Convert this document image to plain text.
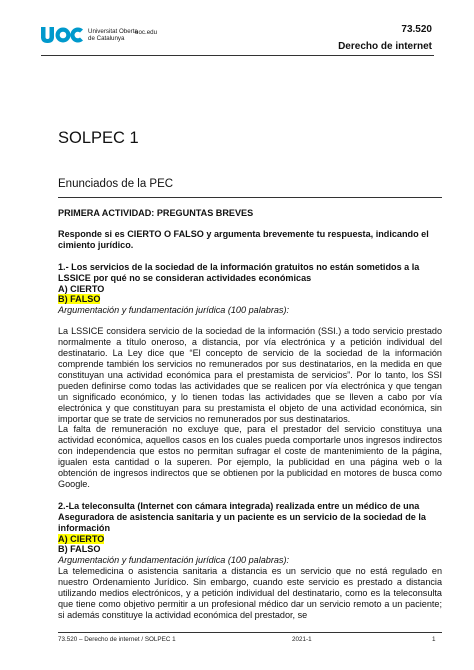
Universitat Oberta
de Catalunya
uoc.edu	73.520
Derecho de internet
SOLPEC 1
Enunciados de la PEC

PRIMERA ACTIVIDAD: PREGUNTAS BREVES

Responde si es CIERTO O FALSO y argumenta brevemente tu respuesta, indicando el cimiento jurídico.

1.- Los servicios de la sociedad de la información gratuitos no están sometidos a la LSSICE por qué no se consideran actividades económicas

A) CIERTO

B) FALSO

Argumentación y fundamentación jurídica (100 palabras):

La LSSICE considera servicio de la sociedad de la información (SSI.) a todo servicio prestado normalmente a título oneroso, a distancia, por vía electrónica y a petición individual del destinatario. La Ley dice que “El concepto de servicio de la sociedad de la información comprende también los servicios no remunerados por sus destinatarios, en la medida en que constituyan una actividad económica para el prestamista de servicios”. Por lo tanto, los SSI pueden definirse como todas las actividades que se realicen por vía electrónica y que tengan un significado económico, y lo tienen todas las actividades que se lleven a cabo por vía electrónica y que constituyan para su prestamista el objeto de una actividad económica, sin importar que se trate de servicios no remunerados por sus destinatarios.

La falta de remuneración no excluye que, para el prestador del servicio constituya una actividad económica, aquellos casos en los cuales pueda comportarle unos ingresos indirectos con independencia que estos no permitan sufragar el coste de mantenimiento de la página, igualen esta cantidad o la superen. Por ejemplo, la publicidad en una página web o la obtención de ingresos indirectos que se obtienen por la publicidad en motores de busca como Google.

2.-La teleconsulta (Internet con cámara integrada) realizada entre un médico de una Aseguradora de asistencia sanitaria y un paciente es un servicio de la sociedad de la información

A) CIERTO

B) FALSO

Argumentación y fundamentación jurídica (100 palabras):

La telemedicina o asistencia sanitaria a distancia es un servicio que no está regulado en nuestro Ordenamiento Jurídico. Sin embargo, cuando este servicio es prestado a distancia utilizando medios electrónicos, y a petición individual del destinatario, como es la teleconsulta que tiene como objetivo permitir a un profesional médico dar un servicio remoto a un paciente; si además constituye la actividad económica del prestador, se

73.520 – Derecho de internet / SOLPEC 1	2021-1	1
